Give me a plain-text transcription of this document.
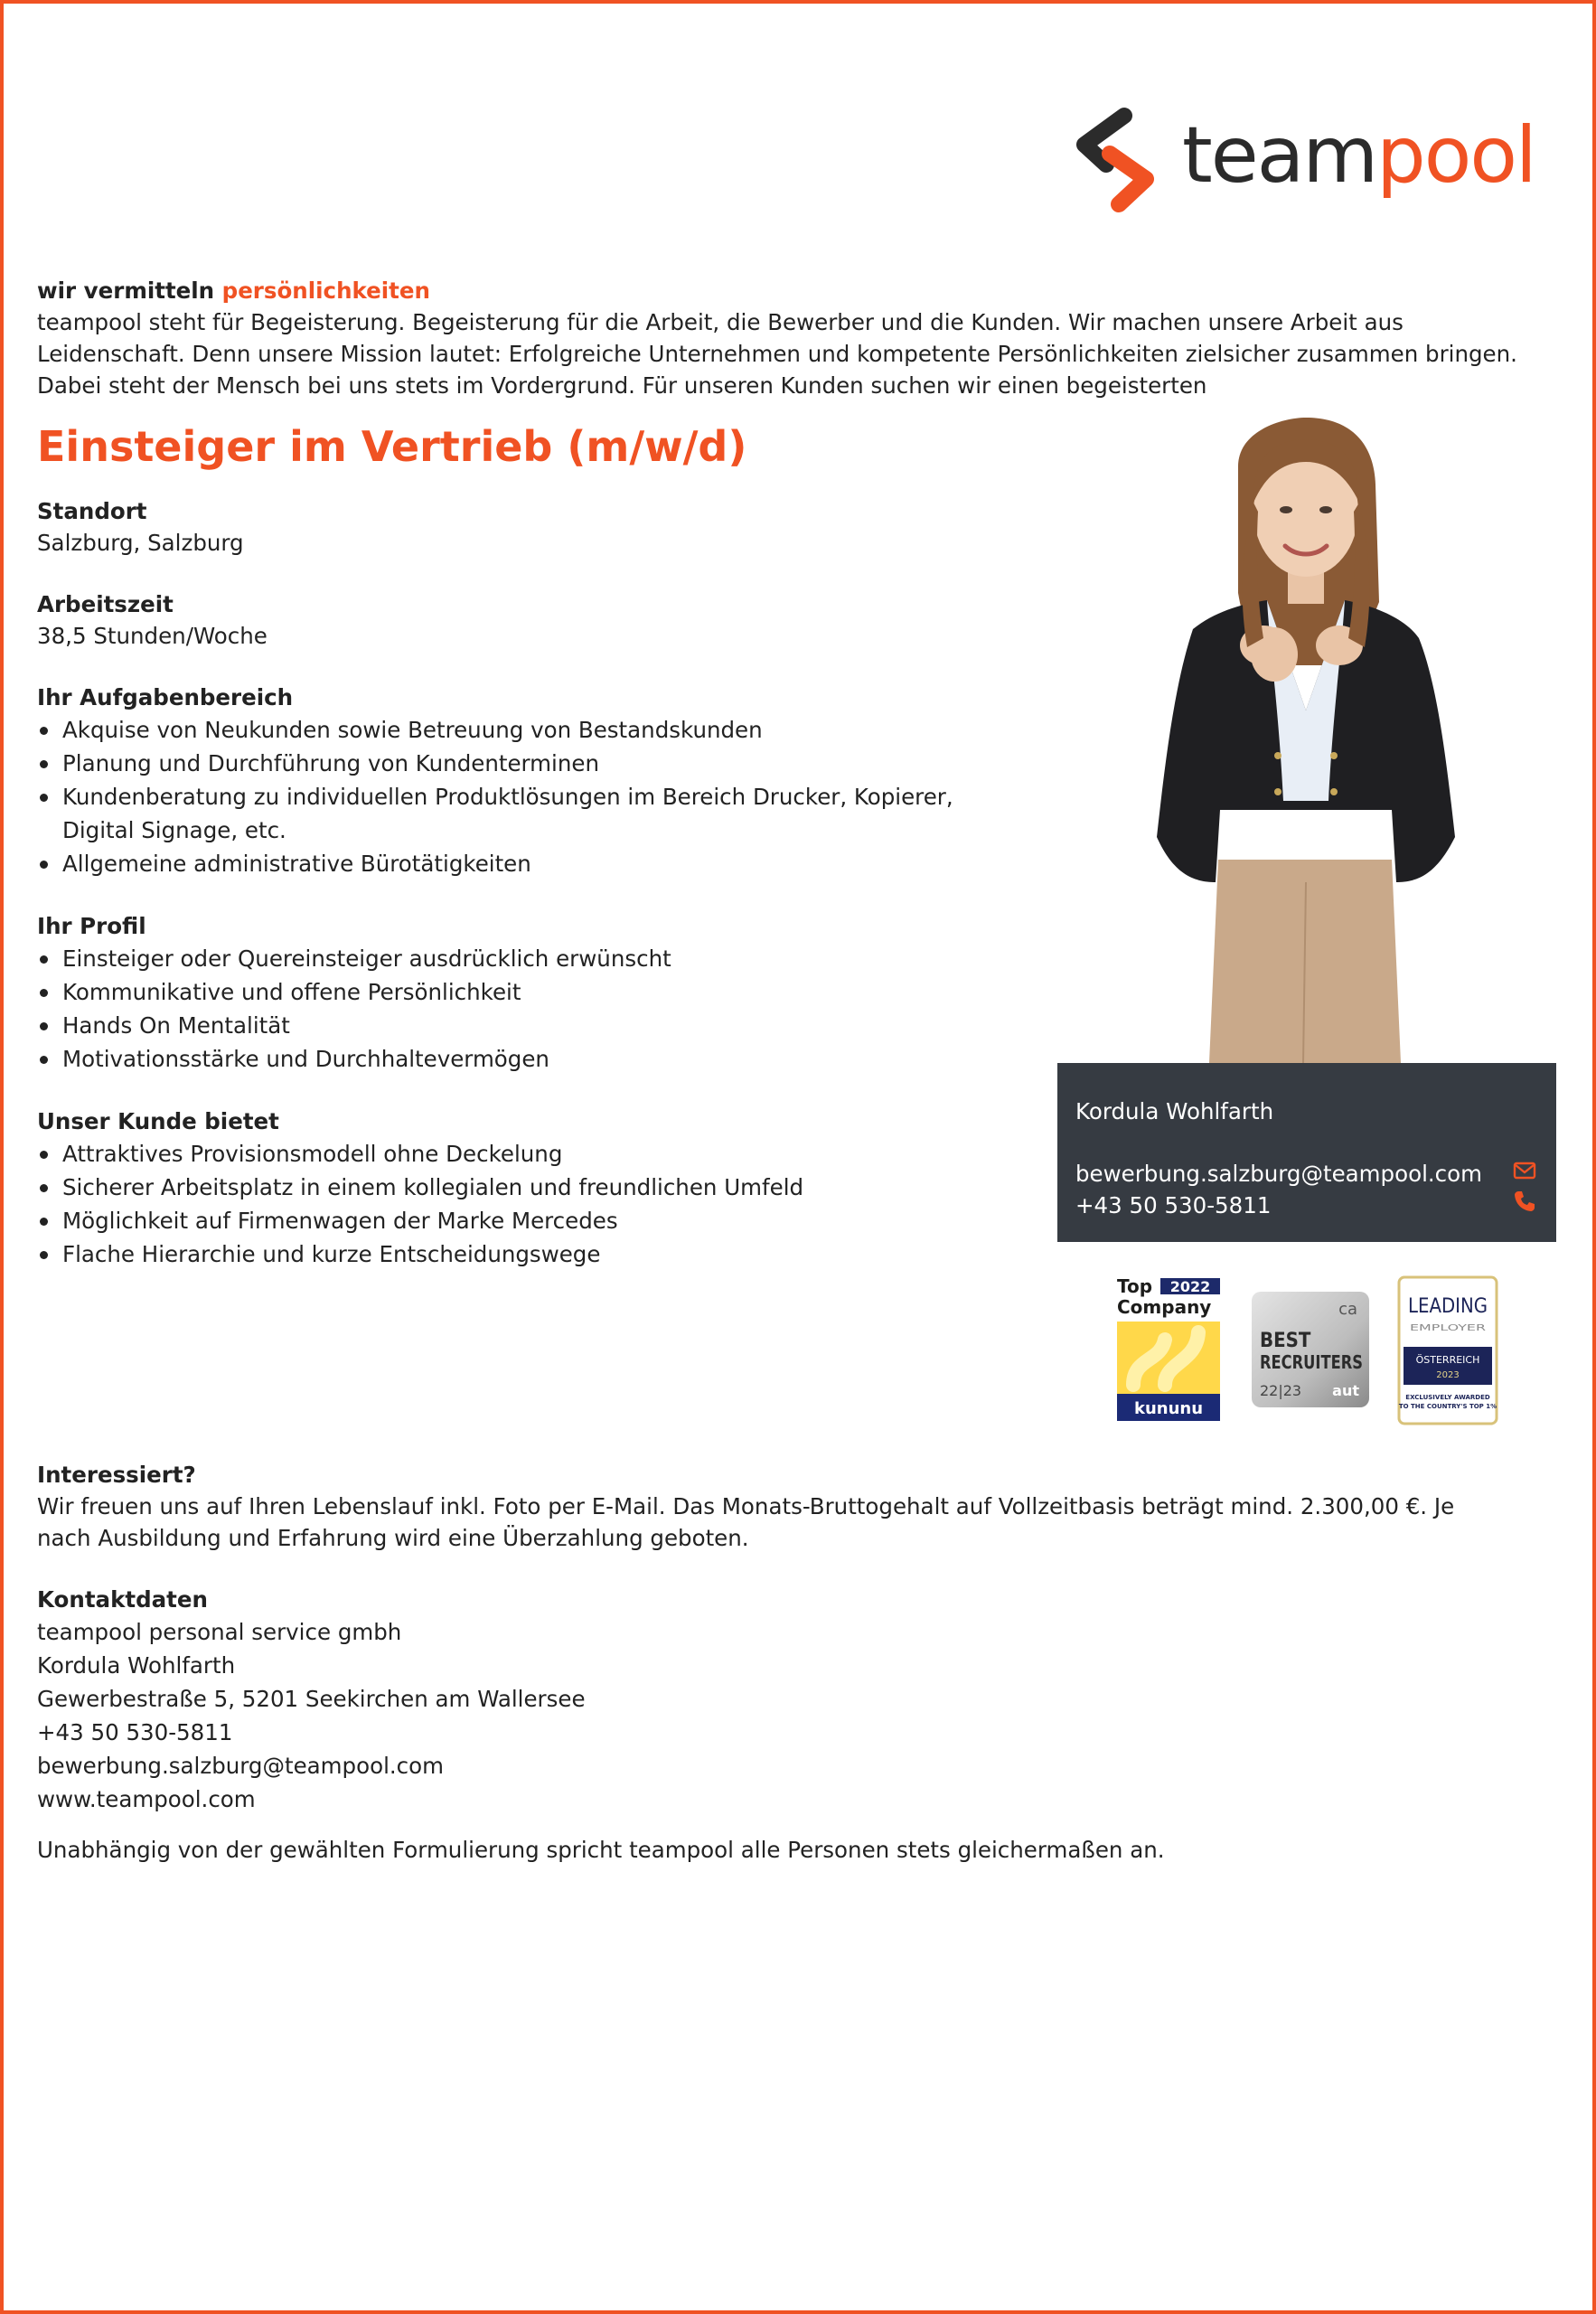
teampool
wir vermitteln persönlichkeiten
teampool steht für Begeisterung. Begeisterung für die Arbeit, die Bewerber und die Kunden. Wir machen unsere Arbeit aus Leidenschaft. Denn unsere Mission lautet: Erfolgreiche Unternehmen und kompetente Persönlichkeiten zielsicher zusammen bringen. Dabei steht der Mensch bei uns stets im Vordergrund. Für unseren Kunden suchen wir einen begeisterten
Einsteiger im Vertrieb (m/w/d)
Standort

Salzburg, Salzburg

Arbeitszeit

38,5 Stunden/Woche

Ihr Aufgabenbereich
Akquise von Neukunden sowie Betreuung von Bestandskunden
Planung und Durchführung von Kundenterminen
Kundenberatung zu individuellen Produktlösungen im Bereich Drucker, Kopierer, Digital Signage, etc.
Allgemeine administrative Bürotätigkeiten
Ihr Profil
Einsteiger oder Quereinsteiger ausdrücklich erwünscht
Kommunikative und offene Persönlichkeit
Hands On Mentalität
Motivationsstärke und Durchhaltevermögen
Unser Kunde bietet
Attraktives Provisionsmodell ohne Deckelung
Sicherer Arbeitsplatz in einem kollegialen und freundlichen Umfeld
Möglichkeit auf Firmenwagen der Marke Mercedes
Flache Hierarchie und kurze Entscheidungswege
Kordula Wohlfarth
bewerbung.salzburg@teampool.com
+43 50 530-5811
Top 2022
Company
kununu
ca
BEST
RECRUITERS
22|23 aut
LEADING
EMPLOYER
ÖSTERREICH
2023
EXCLUSIVELY AWARDED
TO THE COUNTRY'S TOP 1%
Interessiert?

Wir freuen uns auf Ihren Lebenslauf inkl. Foto per E-Mail. Das Monats-Bruttogehalt auf Vollzeitbasis beträgt mind. 2.300,00 €. Je nach Ausbildung und Erfahrung wird eine Überzahlung geboten.

Kontaktdaten

teampool personal service gmbh

Kordula Wohlfarth

Gewerbestraße 5, 5201 Seekirchen am Wallersee

+43 50 530-5811

bewerbung.salzburg@teampool.com

www.teampool.com

Unabhängig von der gewählten Formulierung spricht teampool alle Personen stets gleichermaßen an.
